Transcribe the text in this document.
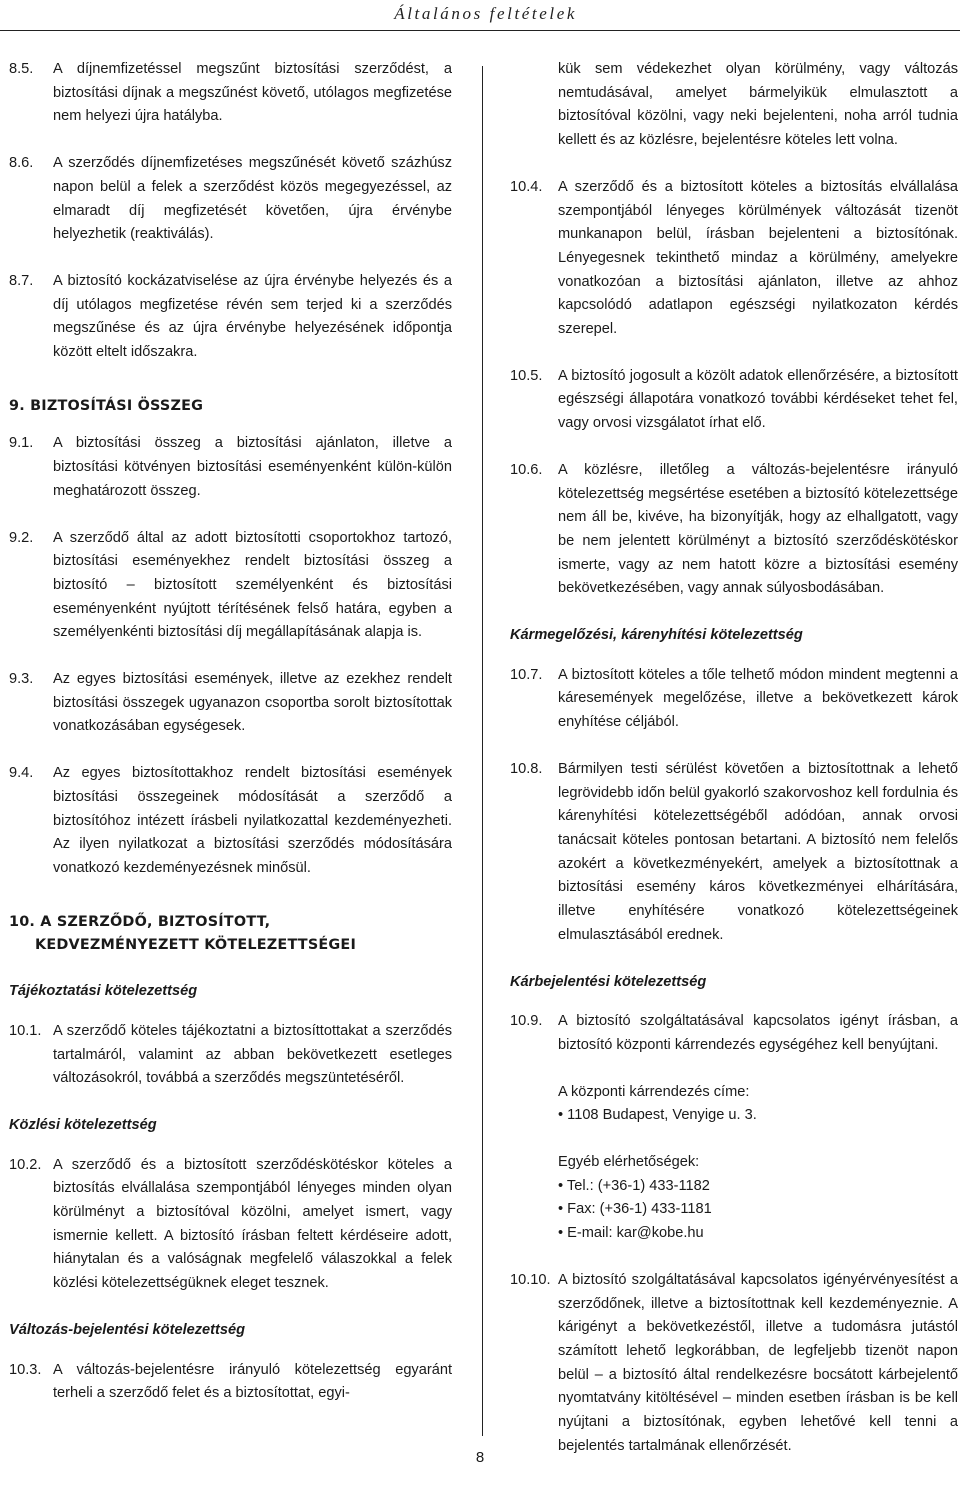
Általános feltételek
8.5.	A díjnemfizetéssel megszűnt biztosítási szerződést, a biztosítási díjnak a megszűnést követő, utólagos megfizetése nem helyezi újra hatályba.
8.6.	A szerződés díjnemfizetéses megszűnését követő százhúsz napon belül a felek a szerződést közös megegyezéssel, az elmaradt díj megfizetését követően, újra érvénybe helyezhetik (reaktiválás).
8.7.	A biztosító kockázatviselése az újra érvénybe helyezés és a díj utólagos megfizetése révén sem terjed ki a szerződés megszűnése és az újra érvénybe helyezésének időpontja között eltelt időszakra.
9. BIZTOSÍTÁSI ÖSSZEG
9.1.	A biztosítási összeg a biztosítási ajánlaton, illetve a biztosítási kötvényen biztosítási eseményenként külön-külön meghatározott összeg.
9.2.	A szerződő által az adott biztosítotti csoportokhoz tartozó, biztosítási eseményekhez rendelt biztosítási összeg a biztosító – biztosított személyenként és biztosítási eseményenként nyújtott térítésének felső határa, egyben a személyenkénti biztosítási díj megállapításának alapja is.
9.3.	Az egyes biztosítási események, illetve az ezekhez rendelt biztosítási összegek ugyanazon csoportba sorolt biztosítottak vonatkozásában egységesek.
9.4.	Az egyes biztosítottakhoz rendelt biztosítási események biztosítási összegeinek módosítását a szerződő a biztosítóhoz intézett írásbeli nyilatkozattal kezdeményezheti. Az ilyen nyilatkozat a biztosítási szerződés módosítására vonatkozó kezdeményezésnek minősül.
10. A SZERZŐDŐ, BIZTOSÍTOTT,
KEDVEZMÉNYEZETT KÖTELEZETTSÉGEI
Tájékoztatási kötelezettség
10.1. A szerződő köteles tájékoztatni a biztosíttottakat a szerződés tartalmáról, valamint az abban bekövetkezett esetleges változásokról, továbbá a szerződés megszüntetéséről.
Közlési kötelezettség
10.2. A szerződő és a biztosított szerződéskötéskor köteles a biztosítás elvállalása szempontjából lényeges minden olyan körülményt a biztosítóval közölni, amelyet ismert, vagy ismernie kellett. A biztosító írásban feltett kérdéseire adott, hiánytalan és a valóságnak megfelelő válaszokkal a felek közlési kötelezettségüknek eleget tesznek.
Változás-bejelentési kötelezettség
10.3. A változás-bejelentésre irányuló kötelezettség egyaránt terheli a szerződő felet és a biztosítottat, egyi-
kük sem védekezhet olyan körülmény, vagy változás nemtudásával, amelyet bármelyikük elmulasztott a biztosítóval közölni, vagy neki bejelenteni, noha arról tudnia kellett és az közlésre, bejelentésre köteles lett volna.
10.4.	A szerződő és a biztosított köteles a biztosítás elvállalása szempontjából lényeges körülmények változását tizenöt munkanapon belül, írásban bejelenteni a biztosítónak. Lényegesnek tekinthető mindaz a körülmény, amelyekre vonatkozóan a biztosítási ajánlaton, illetve az ahhoz kapcsolódó adatlapon egészségi nyilatkozaton kérdés szerepel.
10.5.	A biztosító jogosult a közölt adatok ellenőrzésére, a biztosított egészségi állapotára vonatkozó további kérdéseket tehet fel, vagy orvosi vizsgálatot írhat elő.
10.6.	A közlésre, illetőleg a változás-bejelentésre irányuló kötelezettség megsértése esetében a biztosító kötelezettsége nem áll be, kivéve, ha bizonyítják, hogy az elhallgatott, vagy be nem jelentett körülményt a biztosító szerződéskötéskor ismerte, vagy az nem hatott közre a biztosítási esemény bekövetkezésében, vagy annak súlyosbodásában.
Kármegelőzési, kárenyhítési kötelezettség
10.7.	A biztosított köteles a tőle telhető módon mindent megtenni a káresemények megelőzése, illetve a bekövetkezett károk enyhítése céljából.
10.8.	Bármilyen testi sérülést követően a biztosítottnak a lehető legrövidebb időn belül gyakorló szakorvoshoz kell fordulnia és kárenyhítési kötelezettségéből adódóan, annak orvosi tanácsait köteles pontosan betartani. A biztosító nem felelős azokért a következményekért, amelyek a biztosítottnak a biztosítási esemény káros következményei elhárítására, illetve enyhítésére vonatkozó kötelezettségeinek elmulasztásából erednek.
Kárbejelentési kötelezettség
10.9.	A biztosító szolgáltatásával kapcsolatos igényt írásban, a biztosító központi kárrendezés egységéhez kell benyújtani.
A központi kárrendezés címe:
• 1108 Budapest, Venyige u. 3.
Egyéb elérhetőségek:
• Tel.: (+36-1) 433-1182
• Fax: (+36-1) 433-1181
• E-mail: kar@kobe.hu
10.10. A biztosító szolgáltatásával kapcsolatos igényérvényesítést a szerződőnek, illetve a biztosítottnak kell kezdeményeznie. A kárigényt a bekövetkezéstől, illetve a tudomásra jutástól számított lehető legkorábban, de legfeljebb tizenöt napon belül – a biztosító által rendelkezésre bocsátott kárbejelentő nyomtatvány kitöltésével – minden esetben írásban is be kell nyújtani a biztosítónak, egyben lehetővé kell tenni a bejelentés tartalmának ellenőrzését.
8
